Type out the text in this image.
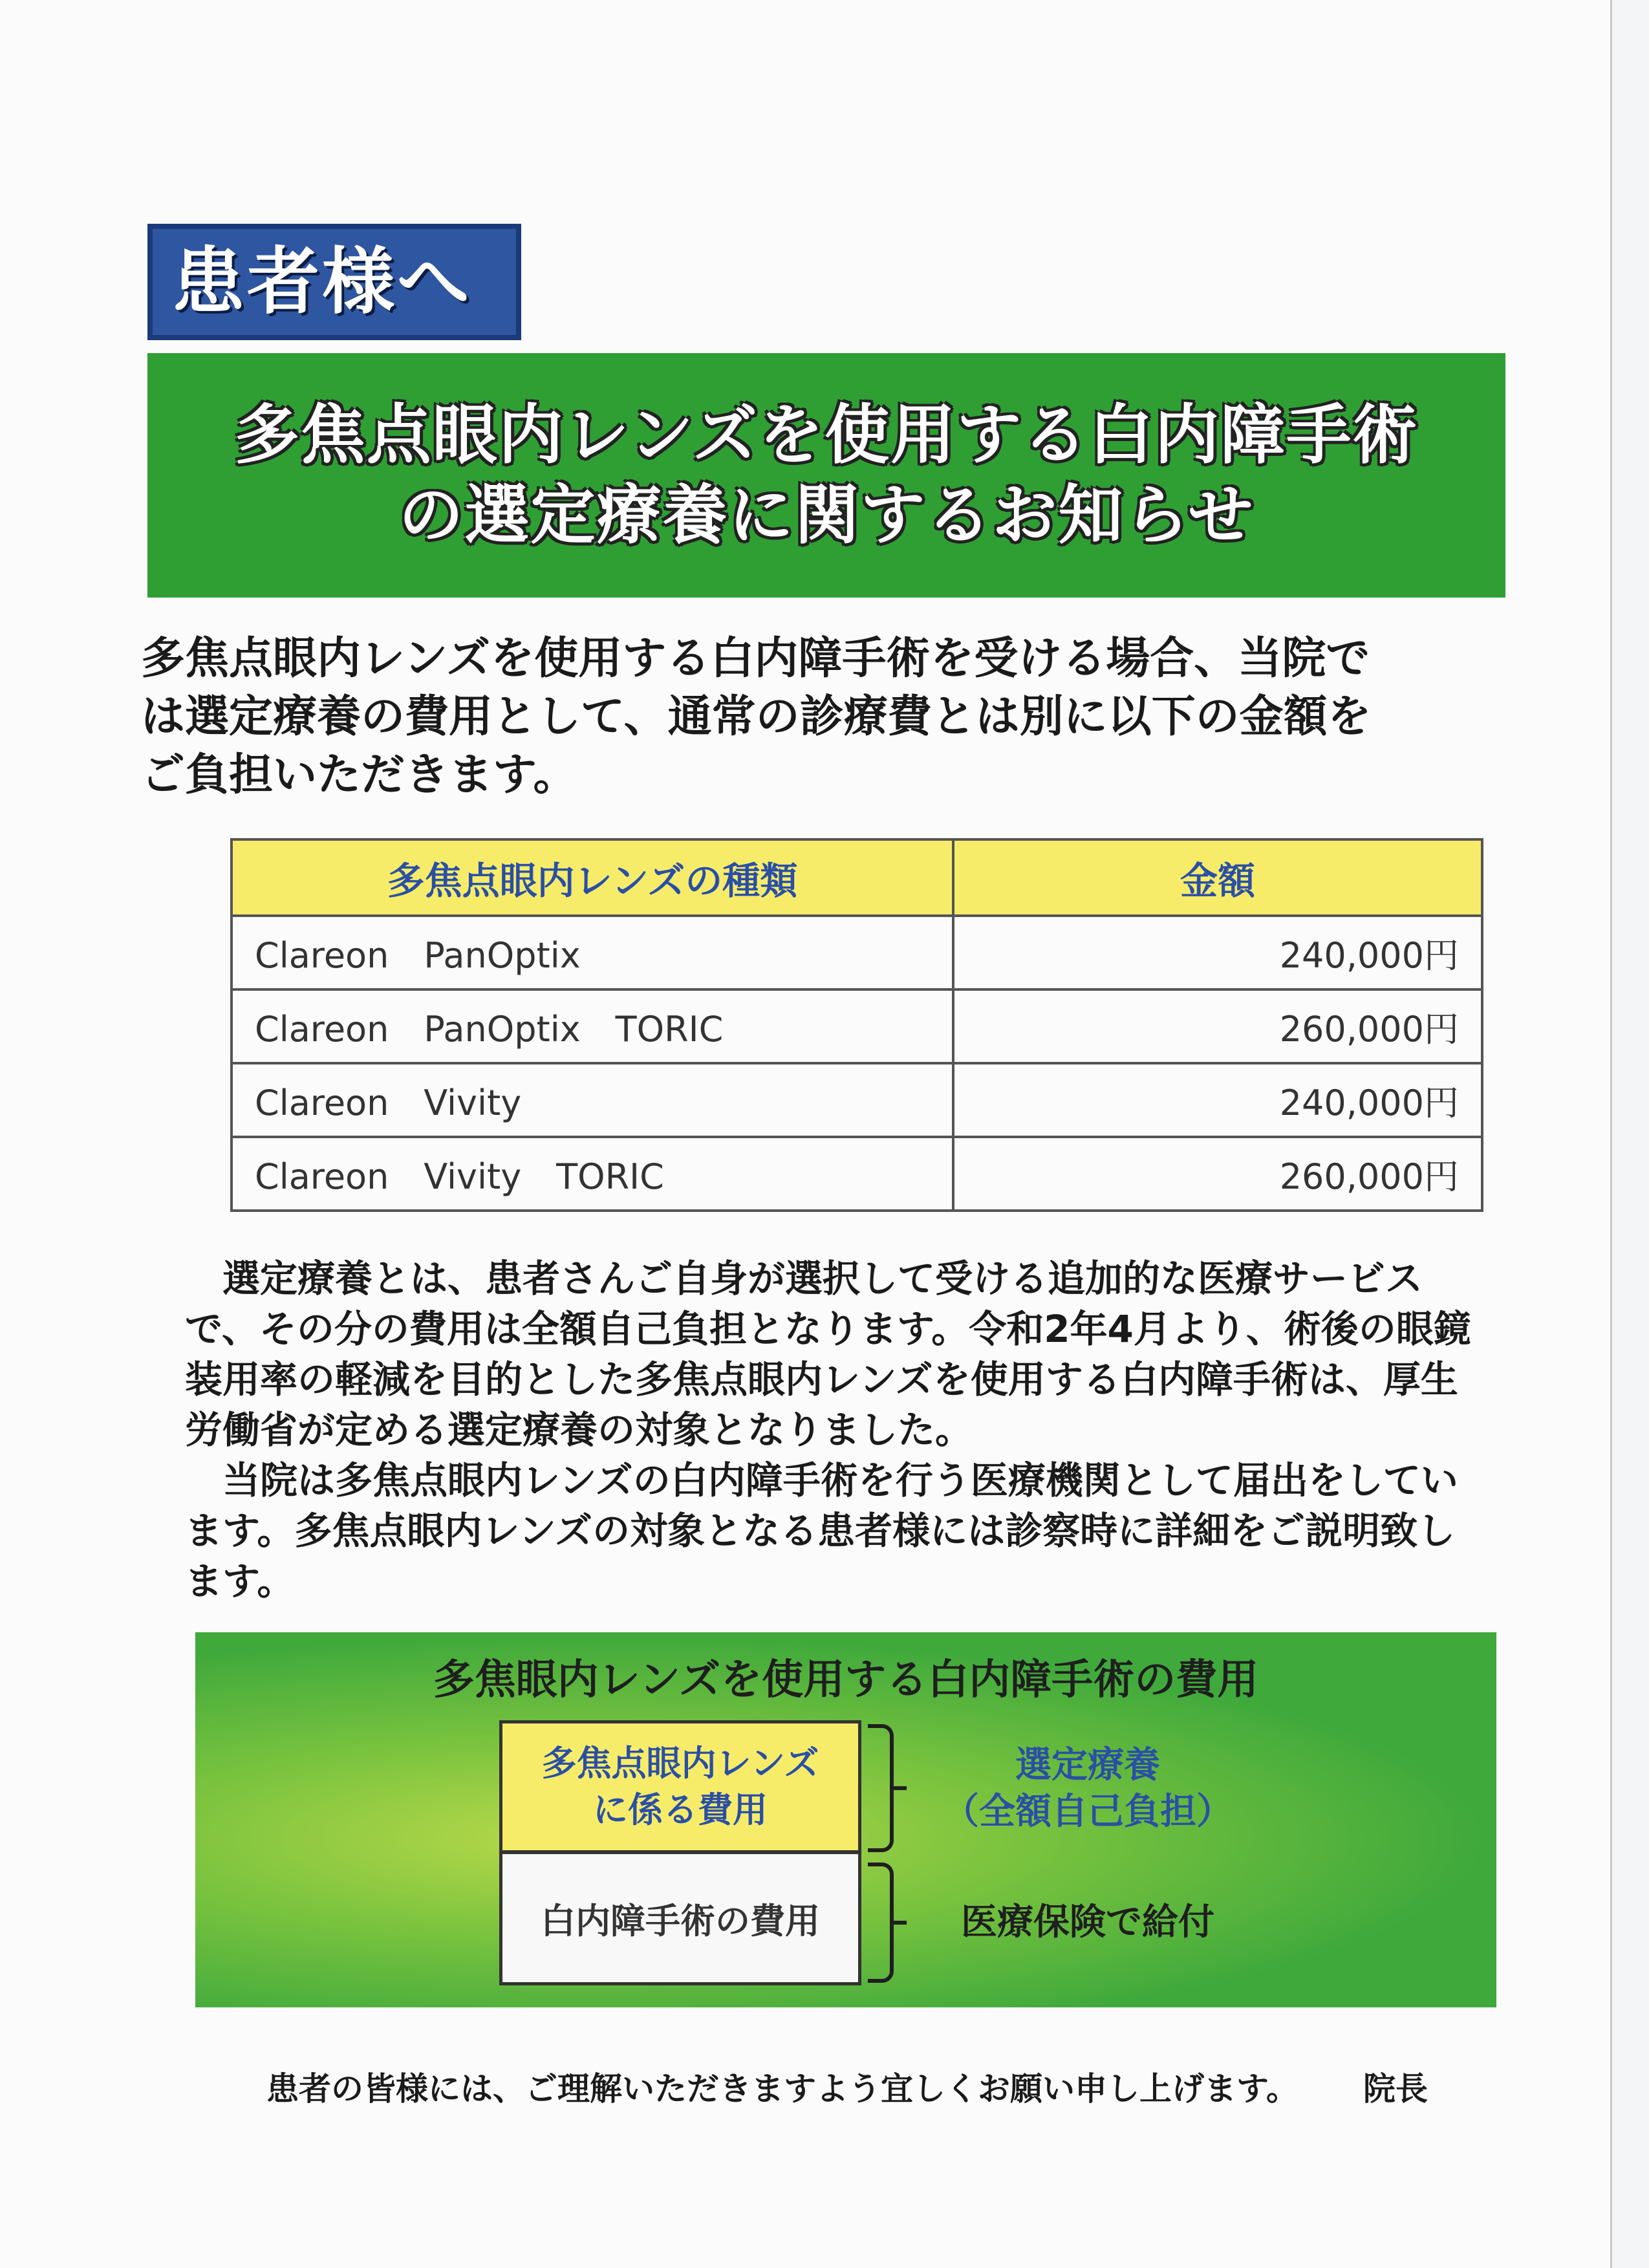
患者様へ
多焦点眼内レンズを使用する白内障手術
の選定療養に関するお知らせ

多焦点眼内レンズを使用する白内障手術を受ける場合、当院で

は選定療養の費用として、通常の診療費とは別に以下の金額を

ご負担いただきます。

多焦点眼内レンズの種類	金額
Clareon　PanOptix	240,000円
Clareon　PanOptix　TORIC	260,000円
Clareon　Vivity	240,000円
Clareon　Vivity　TORIC	260,000円

選定療養とは、患者さんご自身が選択して受ける追加的な医療サービスで、その分の費用は全額自己負担となります。令和2年4月より、術後の眼鏡装用率の軽減を目的とした多焦点眼内レンズを使用する白内障手術は、厚生労働省が定める選定療養の対象となりました。

当院は多焦点眼内レンズの白内障手術を行う医療機関として届出をしています。多焦点眼内レンズの対象となる患者様には診察時に詳細をご説明致します。

多焦眼内レンズを使用する白内障手術の費用
多焦点眼内レンズ
に係る費用
白内障手術の費用
選定療養
（全額自己負担）
医療保険で給付
患者の皆様には、ご理解いただきますよう宜しくお願い申し上げます。 院長
